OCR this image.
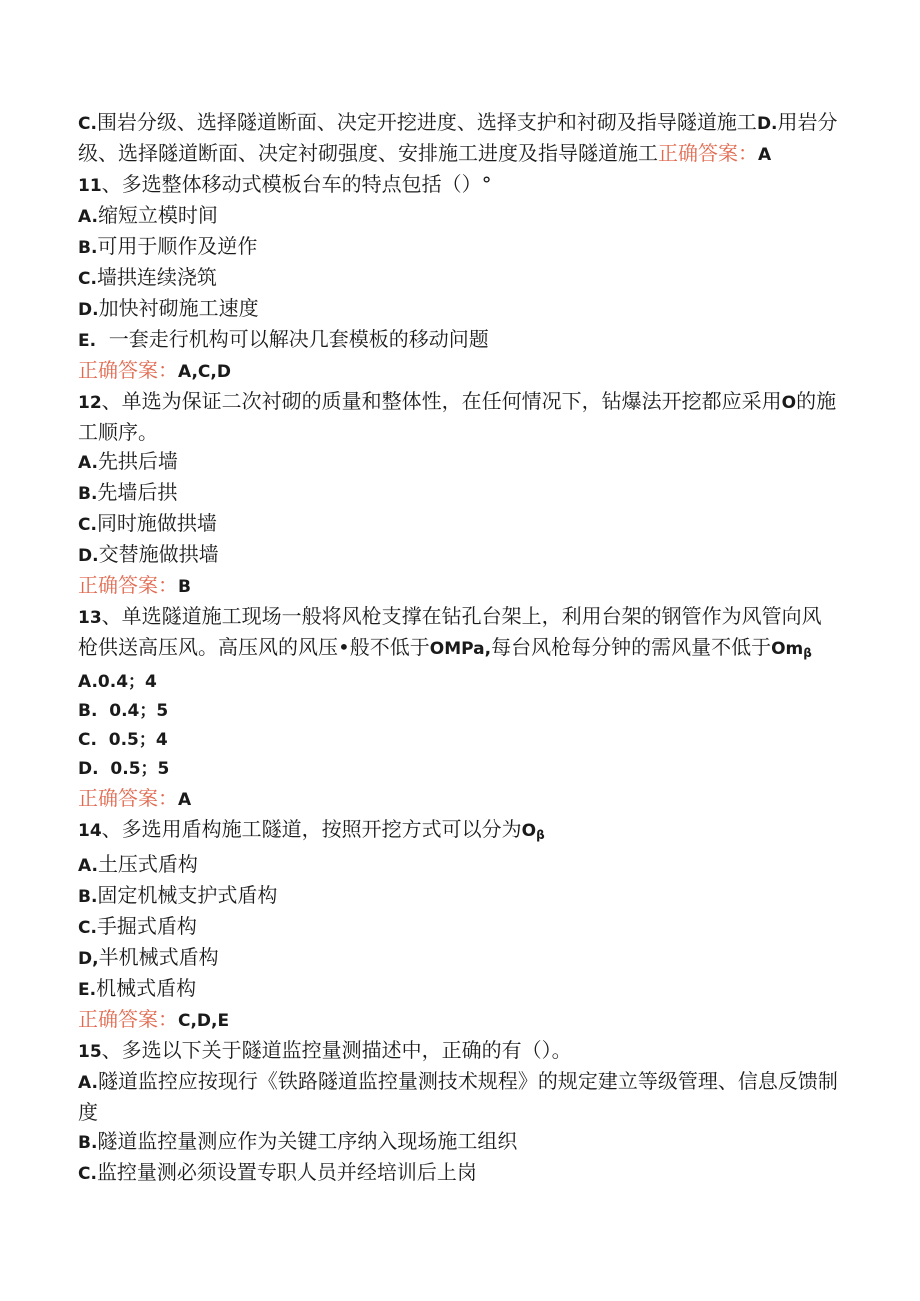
C.围岩分级、选择隧道断面、决定开挖进度、选择支护和衬砌及指导隧道施工D.用岩分级、选择隧道断面、决定衬砌强度、安排施工进度及指导隧道施工正确答案：A
11、多选整体移动式模板台车的特点包括（）°
A.缩短立模时间
B.可用于顺作及逆作
C.墙拱连续浇筑
D.加快衬砌施工速度
E.  一套走行机构可以解决几套模板的移动问题
正确答案：A,C,D
12、单选为保证二次衬砌的质量和整体性，在任何情况下，钻爆法开挖都应采用O的施工顺序。
A.先拱后墙
B.先墙后拱
C.同时施做拱墙
D.交替施做拱墙
正确答案：B
13、单选隧道施工现场一般将风枪支撑在钻孔台架上，利用台架的钢管作为风管向风枪供送高压风。高压风的风压•般不低于OMPa,每台风枪每分钟的需风量不低于$Om_\beta$
A.0.4；4
B.  0.4；5
C.  0.5；4
D.  0.5；5
正确答案：A
14、多选用盾构施工隧道，按照开挖方式可以分为$O_\beta$
A.土压式盾构
B.固定机械支护式盾构
C.手掘式盾构
D,半机械式盾构
E.机械式盾构
正确答案：C,D,E
15、多选以下关于隧道监控量测描述中，正确的有（）。
A.隧道监控应按现行《铁路隧道监控量测技术规程》的规定建立等级管理、信息反馈制度
B.隧道监控量测应作为关键工序纳入现场施工组织
C.监控量测必须设置专职人员并经培训后上岗
